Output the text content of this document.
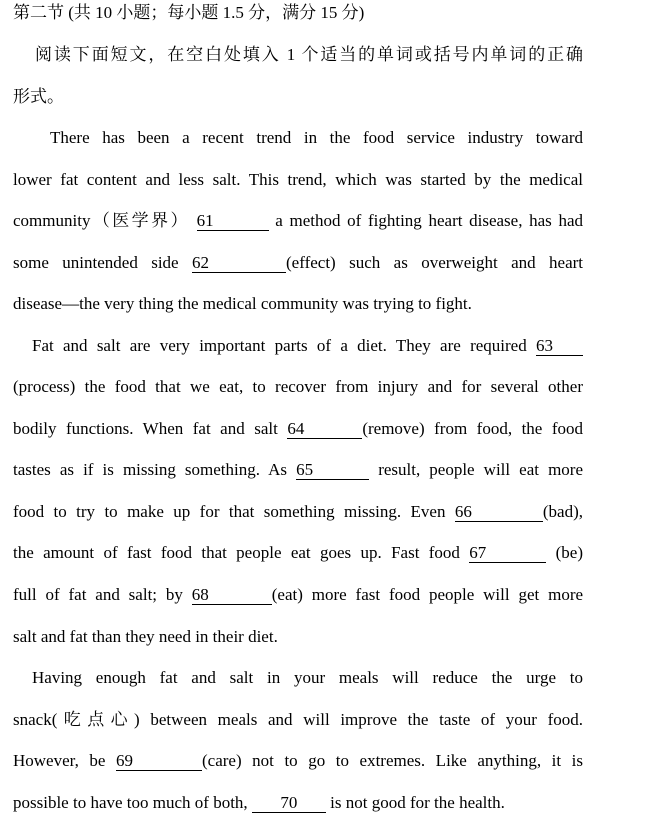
第二节 (共 10 小题；每小题 1.5 分，满分 15 分)
阅读下面短文，在空白处填入 1 个适当的单词或括号内单词的正确
形式。
There has been a recent trend in the food service industry toward
lower fat content and less salt. This trend, which was started by the medical
community（医学界） 61	a method of fighting heart disease, has had
some unintended side 62	(effect) such as overweight and heart
disease—the very thing the medical community was trying to fight.
Fat and salt are very important parts of a diet. They are required 63
(process) the food that we eat, to recover from injury and for several other
bodily functions. When fat and salt 64	(remove) from food, the food
tastes as if is missing something. As 65	result, people will eat more
food to try to make up for that something missing. Even 66	(bad),
the amount of fast food that people eat goes up. Fast food 67	(be)
full of fat and salt; by 68	(eat) more fast food people will get more
salt and fat than they need in their diet.
Having enough fat and salt in your meals will reduce the urge to
snack(吃点心) between meals and will improve the taste of your food.
However, be 69	(care) not to go to extremes. Like anything, it is
possible to have too much of both, 70 is not good for the health.
